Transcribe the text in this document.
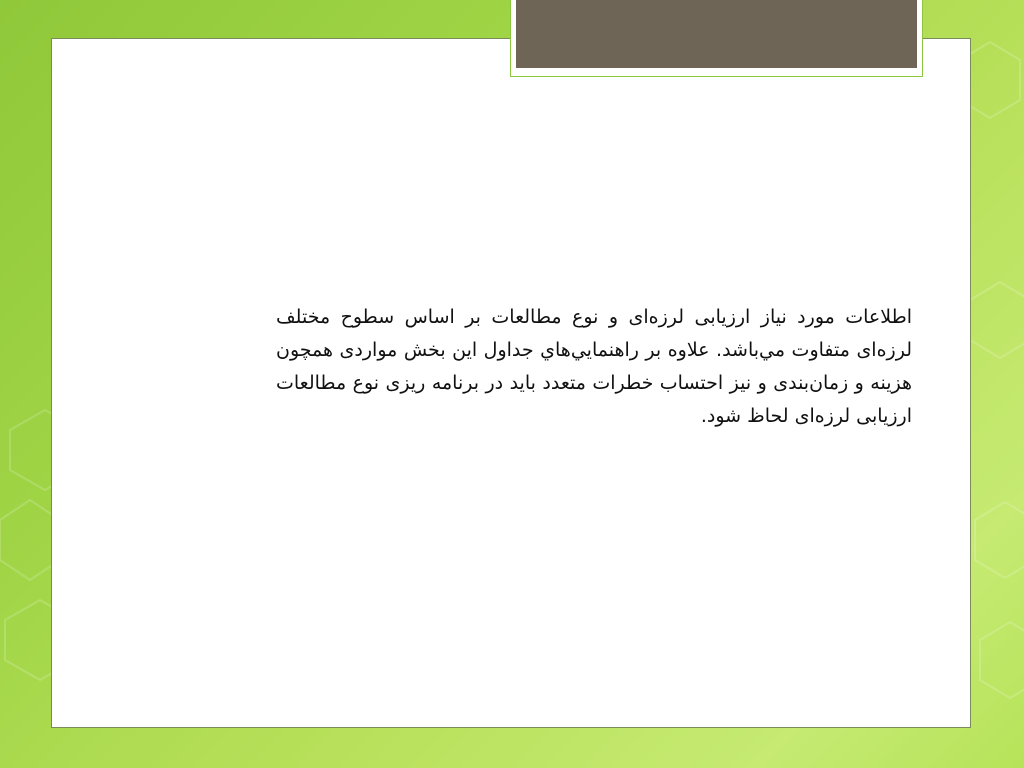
اطلاعات مورد نیاز ارزیابی لرزه‌ای و نوع مطالعات بر اساس سطوح مختلف لرزه‌ای متفاوت مي‌باشد. علاوه بر راهنمايي‌هاي جداول این بخش مواردی همچون هزینه و زمان‌بندی و نیز احتساب خطرات متعدد باید در برنامه ریزی نوع مطالعات ارزیابی لرزه‌ای لحاظ شود.
